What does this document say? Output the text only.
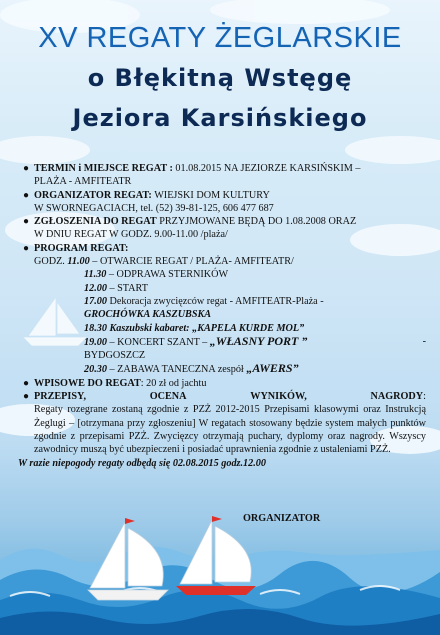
XV REGATY ŻEGLARSKIE
o Błękitną Wstęgę
Jeziora Karsińskiego
● TERMIN i MIEJSCE REGAT : 01.08.2015 NA JEZIORZE KARSIŃSKIM –
PLAŻA - AMFITEATR
● ORGANIZATOR REGAT: WIEJSKI DOM KULTURY
W SWORNEGACIACH, tel. (52) 39-81-125, 606 477 687
● ZGŁOSZENIA DO REGAT PRZYJMOWANE BĘDĄ DO 1.08.2008 ORAZ
W DNIU REGAT W GODZ. 9.00-11.00 /plaża/
● PROGRAM REGAT:
GODZ. 11.00 – OTWARCIE REGAT / PLAŻA- AMFITEATR/
11.30 – ODPRAWA STERNIKÓW
12.00 – START
17.00 Dekoracja zwycięzców regat - AMFITEATR-Plaża -
GROCHÓWKA KASZUBSKA
18.30 Kaszubski kabaret: „KAPELA KURDE MOL”
19.00 – KONCERT SZANT – „WŁASNY PORT ”	-
BYDGOSZCZ
20.30 – ZABAWA TANECZNA zespół „AWERS”
● WPISOWE DO REGAT: 20 zł od jachtu
● PRZEPISY,	OCENA	WYNIKÓW,	NAGRODY:
Regaty rozegrane zostaną zgodnie z PZŻ 2012-2015 Przepisami klasowymi oraz Instrukcją Żeglugi – [otrzymana przy zgłoszeniu] W regatach stosowany będzie system małych punktów zgodnie z przepisami PZŻ. Zwycięzcy otrzymają puchary, dyplomy oraz nagrody. Wszyscy zawodnicy muszą być ubezpieczeni i posiadać uprawnienia zgodnie z ustaleniami PZŻ.
W razie niepogody regaty odbędą się 02.08.2015 godz.12.00
ORGANIZATOR
